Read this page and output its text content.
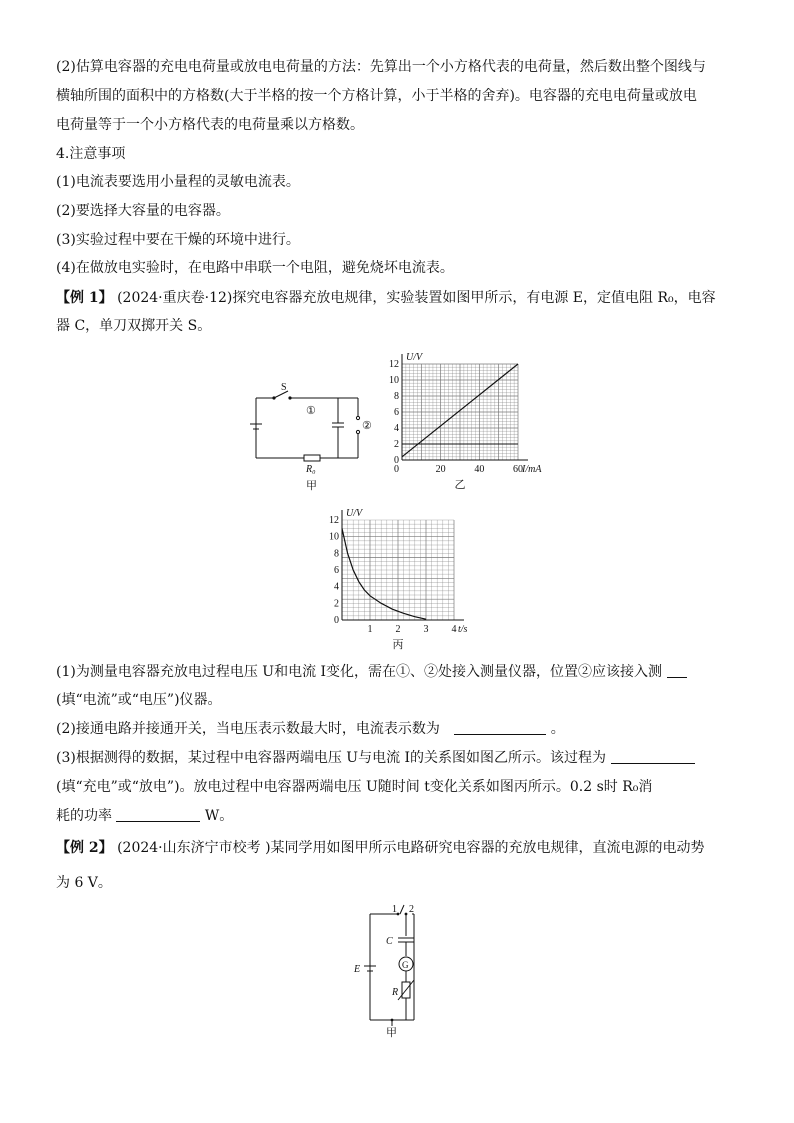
(2)估算电容器的充电电荷量或放电电荷量的方法：先算出一个小方格代表的电荷量，然后数出整个图线与
横轴所围的面积中的方格数(大于半格的按一个方格计算，小于半格的舍弃)。电容器的充电电荷量或放电
电荷量等于一个小方格代表的电荷量乘以方格数。
4.注意事项
(1)电流表要选用小量程的灵敏电流表。
(2)要选择大容量的电容器。
(3)实验过程中要在干燥的环境中进行。
(4)在做放电实验时，在电路中串联一个电阻，避免烧坏电流表。
【例 1】 (2024·重庆卷·12)探究电容器充放电规律，实验装置如图甲所示，有电源 E，定值电阻 R₀，电容
器 C，单刀双掷开关 S。
S
①
②
R₀
甲
0
2
4
6
8
10
12
20	40	60
0
U/V
I/mA
乙
0
2
4
6
8
10
12
1 2 3 4
U/V
t/s
丙
(1)为测量电容器充放电过程电压 U和电流 I变化，需在①、②处接入测量仪器，位置②应该接入测
(填“电流”或“电压”)仪器。
(2)接通电路并接通开关，当电压表示数最大时，电流表示数为	。
(3)根据测得的数据，某过程中电容器两端电压 U与电流 I的关系图如图乙所示。该过程为
(填“充电”或“放电”)。放电过程中电容器两端电压 U随时间 t变化关系如图丙所示。0.2 s时 R₀消
耗的功率	W。
【例 2】 (2024·山东济宁市校考 )某同学用如图甲所示电路研究电容器的充放电规律，直流电源的电动势
为 6 V。
1 2
C
G
R
E
甲
